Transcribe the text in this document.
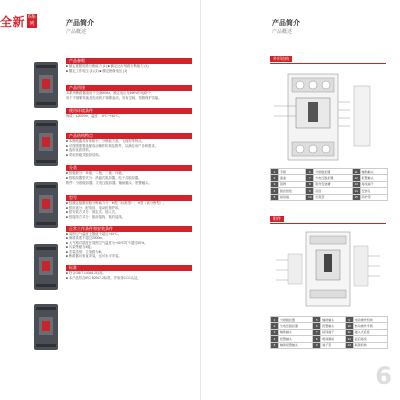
全新 6系列	产品简介
产品概述
产品参数
■ 额定极限短路分断能力 (1) ■ 额定运行短路分断能力 (1)
■ 额定工作电压 (1) (1) ■ 额定绝缘电压 (1)
产品用途
本系列断路器适用于交流50Hz，额定电压至690V的电路中，
用于不频繁转换及电动机不频繁起动，具有过载、短路保护功能。
使用环境条件
海拔：≤2000m，温度：-5℃~+40℃。
产品结构特点
■ 本断路器具有体积小、分断能力高、飞弧短等特点。
■ 可按照需要选配电动操作机构及附件，以满足用户各种需求。
■ 选用优质材料。
■ 采用热磁式脱扣结构。
分类
■ 按极数分：单极、二极、三极、四极。
■ 按脱扣器型式分：热磁式脱扣器、电子式脱扣器。
附件：分励脱扣器、欠电压脱扣器、辅助触头、报警触头。
型号
■ 按额定极限短路分断能力分：M型（标准型）、H型（高分断型）。
■ 按用途分：配电用、电动机保护用。
■ 按安装方式分：固定式、插入式。
■ 按接线方式分：板前接线、板后接线。
正常工作条件和安装条件
■ 周围空气温度上限值不超过+40℃。
■ 海拔高度不超过2000m。
■ 大气相对湿度在周围空气温度为+40℃时不超过50%。
■ 污染等级为3级。
■ 安装类别：主电路为Ⅲ。
■ 断路器可垂直安装，也可水平安装。
标准
■ 符合GB/T 14048.2标准。
■ 本产品符合IEC 60947-2标准，并取得CCC认证。
产品简介
产品概述
外形结构
1	手柄	6	分励脱扣器	11	辅助触头
2	面盖	7	欠电压脱扣器	12	报警触头
3	铭牌	8	附件安装槽	13	接线端子
4	脱扣按钮	9	底座	14	安装孔
5	接线端	10	灭弧罩	15	防护罩
附件
1	分励脱扣器	5	辅助触头	9	电动操作机构
2	欠电压脱扣器	6	报警触头	10	转动操作手柄
3	辅助触头	7	接线端子	11	插入式底座
4	报警触头	8	相间隔板	12	板后接线
5	辅助报警触头	9	端子罩	13	联锁机构
6
